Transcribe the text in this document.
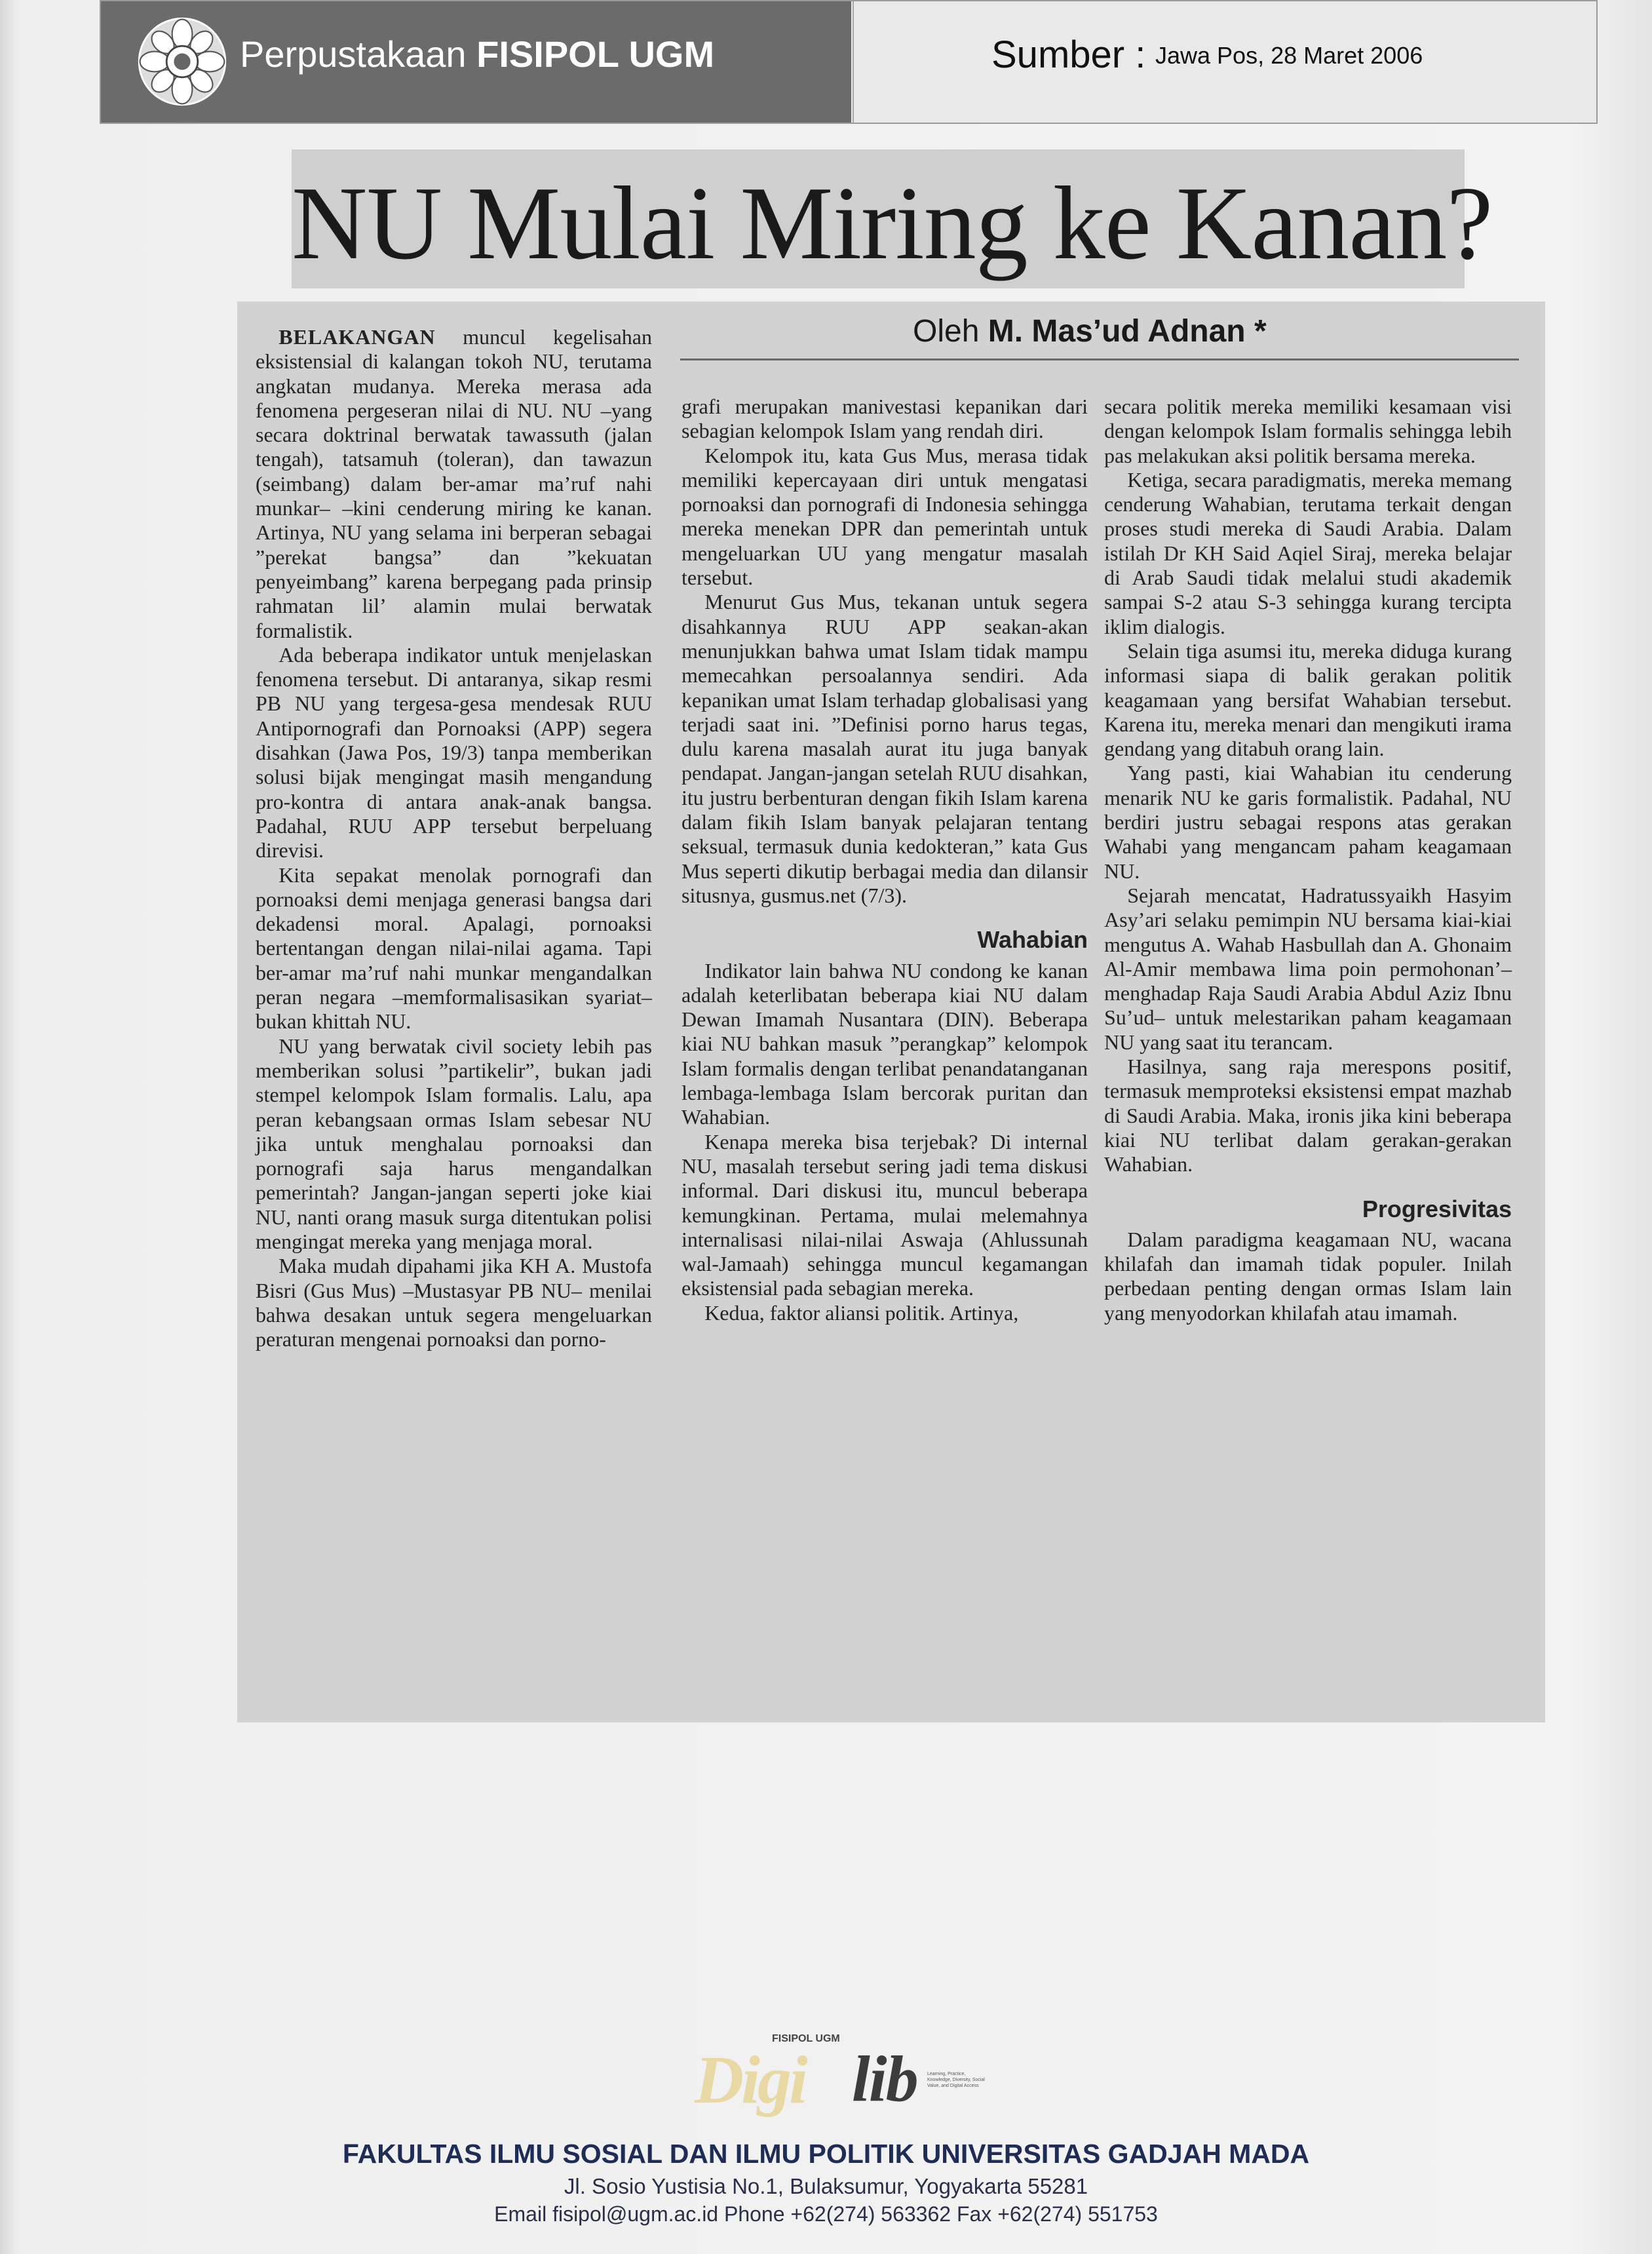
Perpustakaan FISIPOL UGM	Sumber : Jawa Pos, 28 Maret 2006
NU Mulai Miring ke Kanan?
Oleh M. Mas’ud Adnan *

BELAKANGAN muncul kegelisahan eksistensial di kalangan tokoh NU, terutama angkatan mudanya. Mereka merasa ada fenomena pergeseran nilai di NU. NU –yang secara doktrinal berwatak tawassuth (jalan tengah), tatsamuh (toleran), dan tawazun (seimbang) dalam ber-amar ma’ruf nahi munkar– –kini cenderung miring ke kanan. Artinya, NU yang selama ini berperan sebagai ”perekat bangsa” dan ”kekuatan penyeimbang” karena berpegang pada prinsip rahmatan lil’ alamin mulai berwatak formalistik.

Ada beberapa indikator untuk menjelaskan fenomena tersebut. Di antaranya, sikap resmi PB NU yang tergesa-gesa mendesak RUU Antipornografi dan Pornoaksi (APP) segera disahkan (Jawa Pos, 19/3) tanpa memberikan solusi bijak mengingat masih mengandung pro-kontra di antara anak-anak bangsa. Padahal, RUU APP tersebut berpeluang direvisi.

Kita sepakat menolak pornografi dan pornoaksi demi menjaga generasi bangsa dari dekadensi moral. Apalagi, pornoaksi bertentangan dengan nilai-nilai agama. Tapi ber-amar ma’ruf nahi munkar mengandalkan peran negara –memformalisasikan syariat– bukan khittah NU.

NU yang berwatak civil society lebih pas memberikan solusi ”partikelir”, bukan jadi stempel kelompok Islam formalis. Lalu, apa peran kebangsaan ormas Islam sebesar NU jika untuk menghalau pornoaksi dan pornografi saja harus mengandalkan pemerintah? Jangan-jangan seperti joke kiai NU, nanti orang masuk surga ditentukan polisi mengingat mereka yang menjaga moral.

Maka mudah dipahami jika KH A. Mustofa Bisri (Gus Mus) –Mustasyar PB NU– menilai bahwa desakan untuk segera mengeluarkan peraturan mengenai pornoaksi dan porno-

grafi merupakan manivestasi kepanikan dari sebagian kelompok Islam yang rendah diri.

Kelompok itu, kata Gus Mus, merasa tidak memiliki kepercayaan diri untuk mengatasi pornoaksi dan pornografi di Indonesia sehingga mereka menekan DPR dan pemerintah untuk mengeluarkan UU yang mengatur masalah tersebut.

Menurut Gus Mus, tekanan untuk segera disahkannya RUU APP seakan-akan menunjukkan bahwa umat Islam tidak mampu memecahkan persoalannya sendiri. Ada kepanikan umat Islam terhadap globalisasi yang terjadi saat ini. ”Definisi porno harus tegas, dulu karena masalah aurat itu juga banyak pendapat. Jangan-jangan setelah RUU disahkan, itu justru berbenturan dengan fikih Islam karena dalam fikih Islam banyak pelajaran tentang seksual, termasuk dunia kedokteran,” kata Gus Mus seperti dikutip berbagai media dan dilansir situsnya, gusmus.net (7/3).

Wahabian

Indikator lain bahwa NU condong ke kanan adalah keterlibatan beberapa kiai NU dalam Dewan Imamah Nusantara (DIN). Beberapa kiai NU bahkan masuk ”perangkap” kelompok Islam formalis dengan terlibat penandatanganan lembaga-lembaga Islam bercorak puritan dan Wahabian.

Kenapa mereka bisa terjebak? Di internal NU, masalah tersebut sering jadi tema diskusi informal. Dari diskusi itu, muncul beberapa kemungkinan. Pertama, mulai melemahnya internalisasi nilai-nilai Aswaja (Ahlussunah wal-Jamaah) sehingga muncul kegamangan eksistensial pada sebagian mereka.

Kedua, faktor aliansi politik. Artinya,

secara politik mereka memiliki kesamaan visi dengan kelompok Islam formalis sehingga lebih pas melakukan aksi politik bersama mereka.

Ketiga, secara paradigmatis, mereka memang cenderung Wahabian, terutama terkait dengan proses studi mereka di Saudi Arabia. Dalam istilah Dr KH Said Aqiel Siraj, mereka belajar di Arab Saudi tidak melalui studi akademik sampai S-2 atau S-3 sehingga kurang tercipta iklim dialogis.

Selain tiga asumsi itu, mereka diduga kurang informasi siapa di balik gerakan politik keagamaan yang bersifat Wahabian tersebut. Karena itu, mereka menari dan mengikuti irama gendang yang ditabuh orang lain.

Yang pasti, kiai Wahabian itu cenderung menarik NU ke garis formalistik. Padahal, NU berdiri justru sebagai respons atas gerakan Wahabi yang mengancam paham keagamaan NU.

Sejarah mencatat, Hadratussyaikh Hasyim Asy’ari selaku pemimpin NU bersama kiai-kiai mengutus A. Wahab Hasbullah dan A. Ghonaim Al-Amir membawa lima poin permohonan’–menghadap Raja Saudi Arabia Abdul Aziz Ibnu Su’ud– untuk melestarikan paham keagamaan NU yang saat itu terancam.

Hasilnya, sang raja merespons positif, termasuk memproteksi eksistensi empat mazhab di Saudi Arabia. Maka, ironis jika kini beberapa kiai NU terlibat dalam gerakan-gerakan Wahabian.

Progresivitas

Dalam paradigma keagamaan NU, wacana khilafah dan imamah tidak populer. Inilah perbedaan penting dengan ormas Islam lain yang menyodorkan khilafah atau imamah.

FISIPOL UGM
Digi lib Learning, Practice, Knowledge, Diversity, Social Value, and Digital Access
FAKULTAS ILMU SOSIAL DAN ILMU POLITIK UNIVERSITAS GADJAH MADA
Jl. Sosio Yustisia No.1, Bulaksumur, Yogyakarta 55281
Email fisipol@ugm.ac.id Phone +62(274) 563362 Fax +62(274) 551753
